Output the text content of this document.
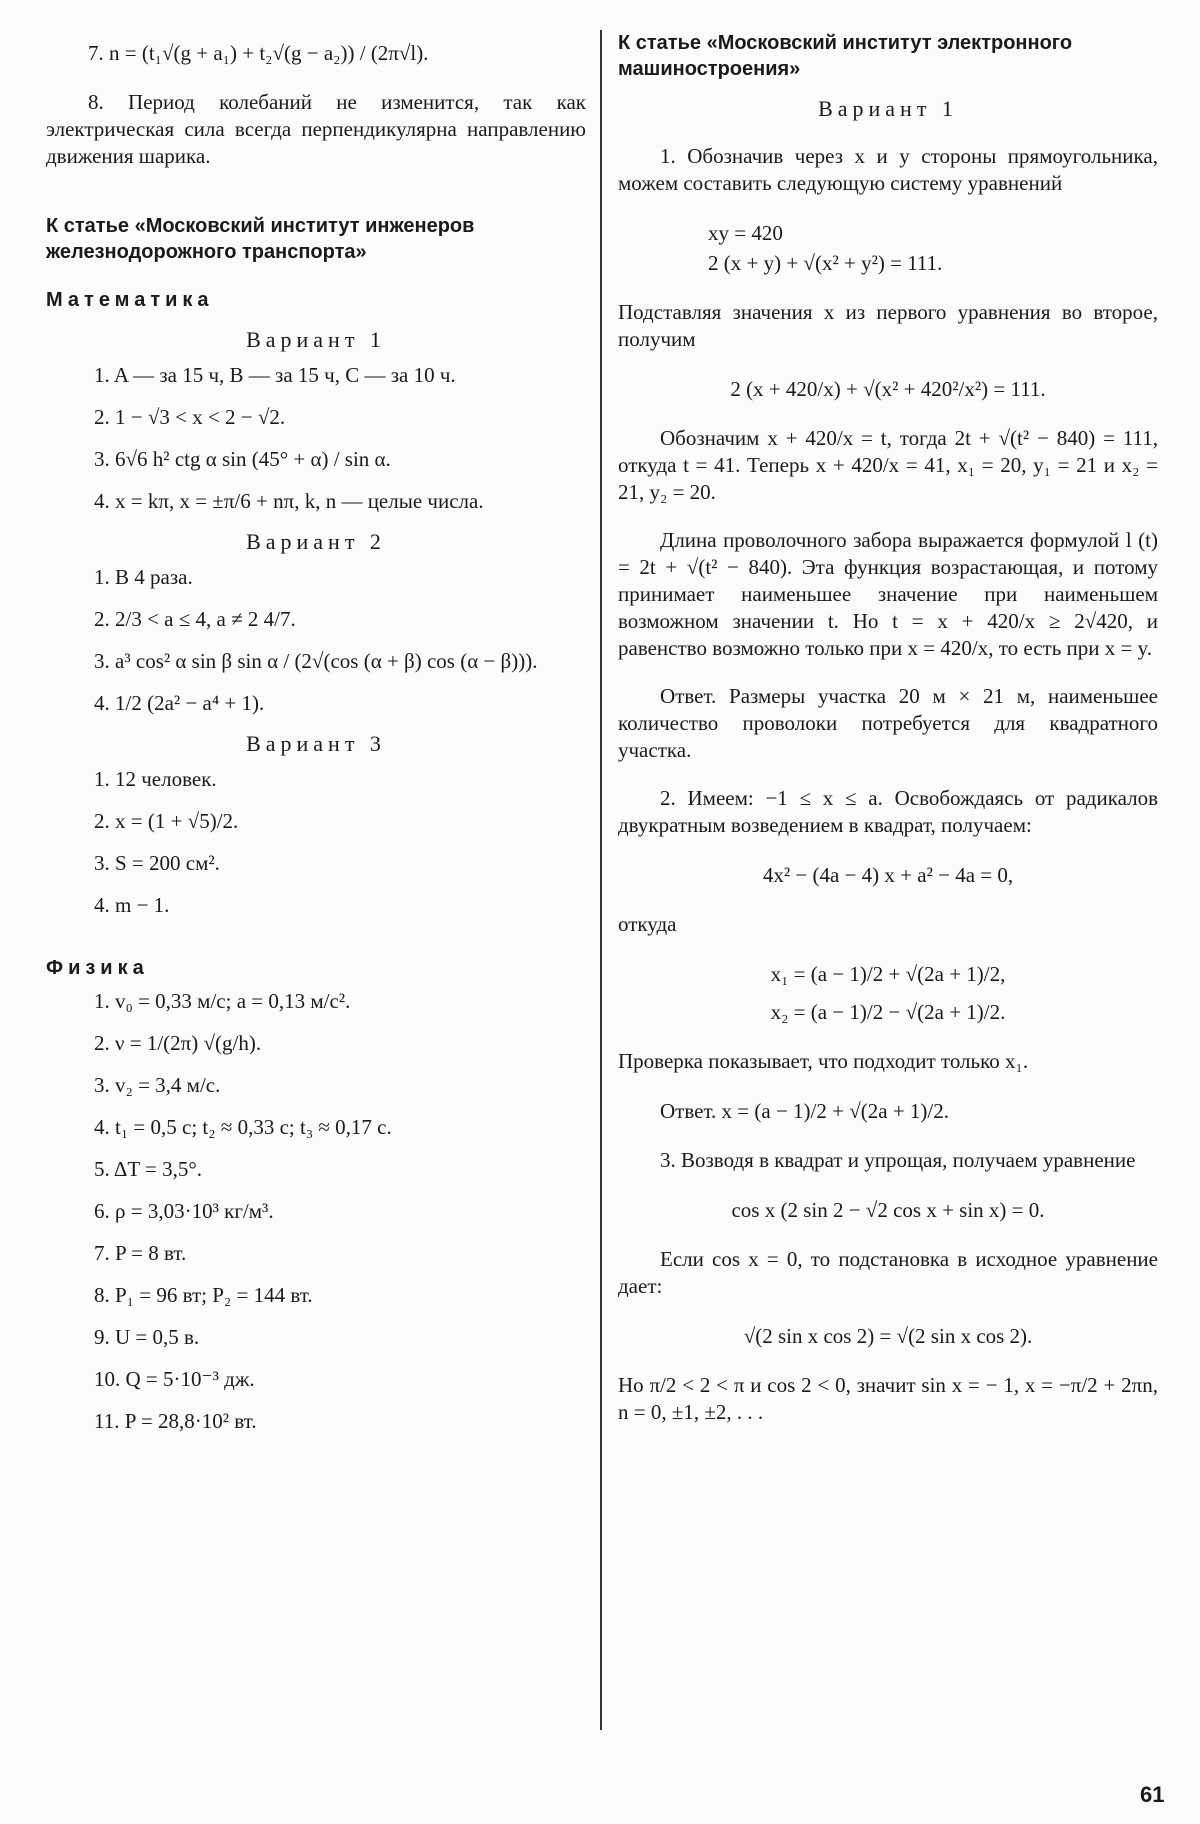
7. n = (t₁√(g + a₁) + t₂√(g − a₂)) / (2π√l).

8. Период колебаний не изменится, так как электрическая сила всегда перпендикулярна направлению движения шарика.

К статье «Московский институт инженеров железнодорожного транспорта»

Математика

Вариант 1

1. A — за 15 ч, B — за 15 ч, C — за 10 ч.

2. 1 − √3 < x < 2 − √2.

3. 6√6 h² ctg α sin (45° + α) / sin α.

4. x = kπ, x = ±π/6 + nπ, k, n — целые числа.

Вариант 2

1. В 4 раза.

2. 2/3 < a ≤ 4, a ≠ 2 4/7.

3. a³ cos² α sin β sin α / (2√(cos (α + β) cos (α − β))).

4. 1/2 (2a² − a⁴ + 1).

Вариант 3

1. 12 человек.

2. x = (1 + √5)/2.

3. S = 200 см².

4. m − 1.

Физика

1. v₀ = 0,33 м/с; a = 0,13 м/с².

2. ν = 1/(2π) √(g/h).

3. v₂ = 3,4 м/с.

4. t₁ = 0,5 с; t₂ ≈ 0,33 с; t₃ ≈ 0,17 с.

5. ΔT = 3,5°.

6. ρ = 3,03·10³ кг/м³.

7. P = 8 вт.

8. P₁ = 96 вт; P₂ = 144 вт.

9. U = 0,5 в.

10. Q = 5·10⁻³ дж.

11. P = 28,8·10² вт.

К статье «Московский институт электронного машиностроения»

Вариант 1

1. Обозначив через x и y стороны прямоугольника, можем составить следующую систему уравнений

xy = 420

2 (x + y) + √(x² + y²) = 111.

Подставляя значения x из первого уравнения во второе, получим

2 (x + 420/x) + √(x² + 420²/x²) = 111.

Обозначим x + 420/x = t, тогда 2t + √(t² − 840) = 111, откуда t = 41. Теперь x + 420/x = 41, x₁ = 20, y₁ = 21 и x₂ = 21, y₂ = 20.

Длина проволочного забора выражается формулой l (t) = 2t + √(t² − 840). Эта функция возрастающая, и потому принимает наименьшее значение при наименьшем возможном значении t. Но t = x + 420/x ≥ 2√420, и равенство возможно только при x = 420/x, то есть при x = y.

Ответ. Размеры участка 20 м × 21 м, наименьшее количество проволоки потребуется для квадратного участка.

2. Имеем: −1 ≤ x ≤ a. Освобождаясь от радикалов двукратным возведением в квадрат, получаем:

4x² − (4a − 4) x + a² − 4a = 0,

откуда

x₁ = (a − 1)/2 + √(2a + 1)/2,

x₂ = (a − 1)/2 − √(2a + 1)/2.

Проверка показывает, что подходит только x₁.

Ответ. x = (a − 1)/2 + √(2a + 1)/2.

3. Возводя в квадрат и упрощая, получаем уравнение

cos x (2 sin 2 − √2 cos x + sin x) = 0.

Если cos x = 0, то подстановка в исходное уравнение дает:

√(2 sin x cos 2) = √(2 sin x cos 2).

Но π/2 < 2 < π и cos 2 < 0, значит sin x = − 1, x = −π/2 + 2πn, n = 0, ±1, ±2, . . .

61
